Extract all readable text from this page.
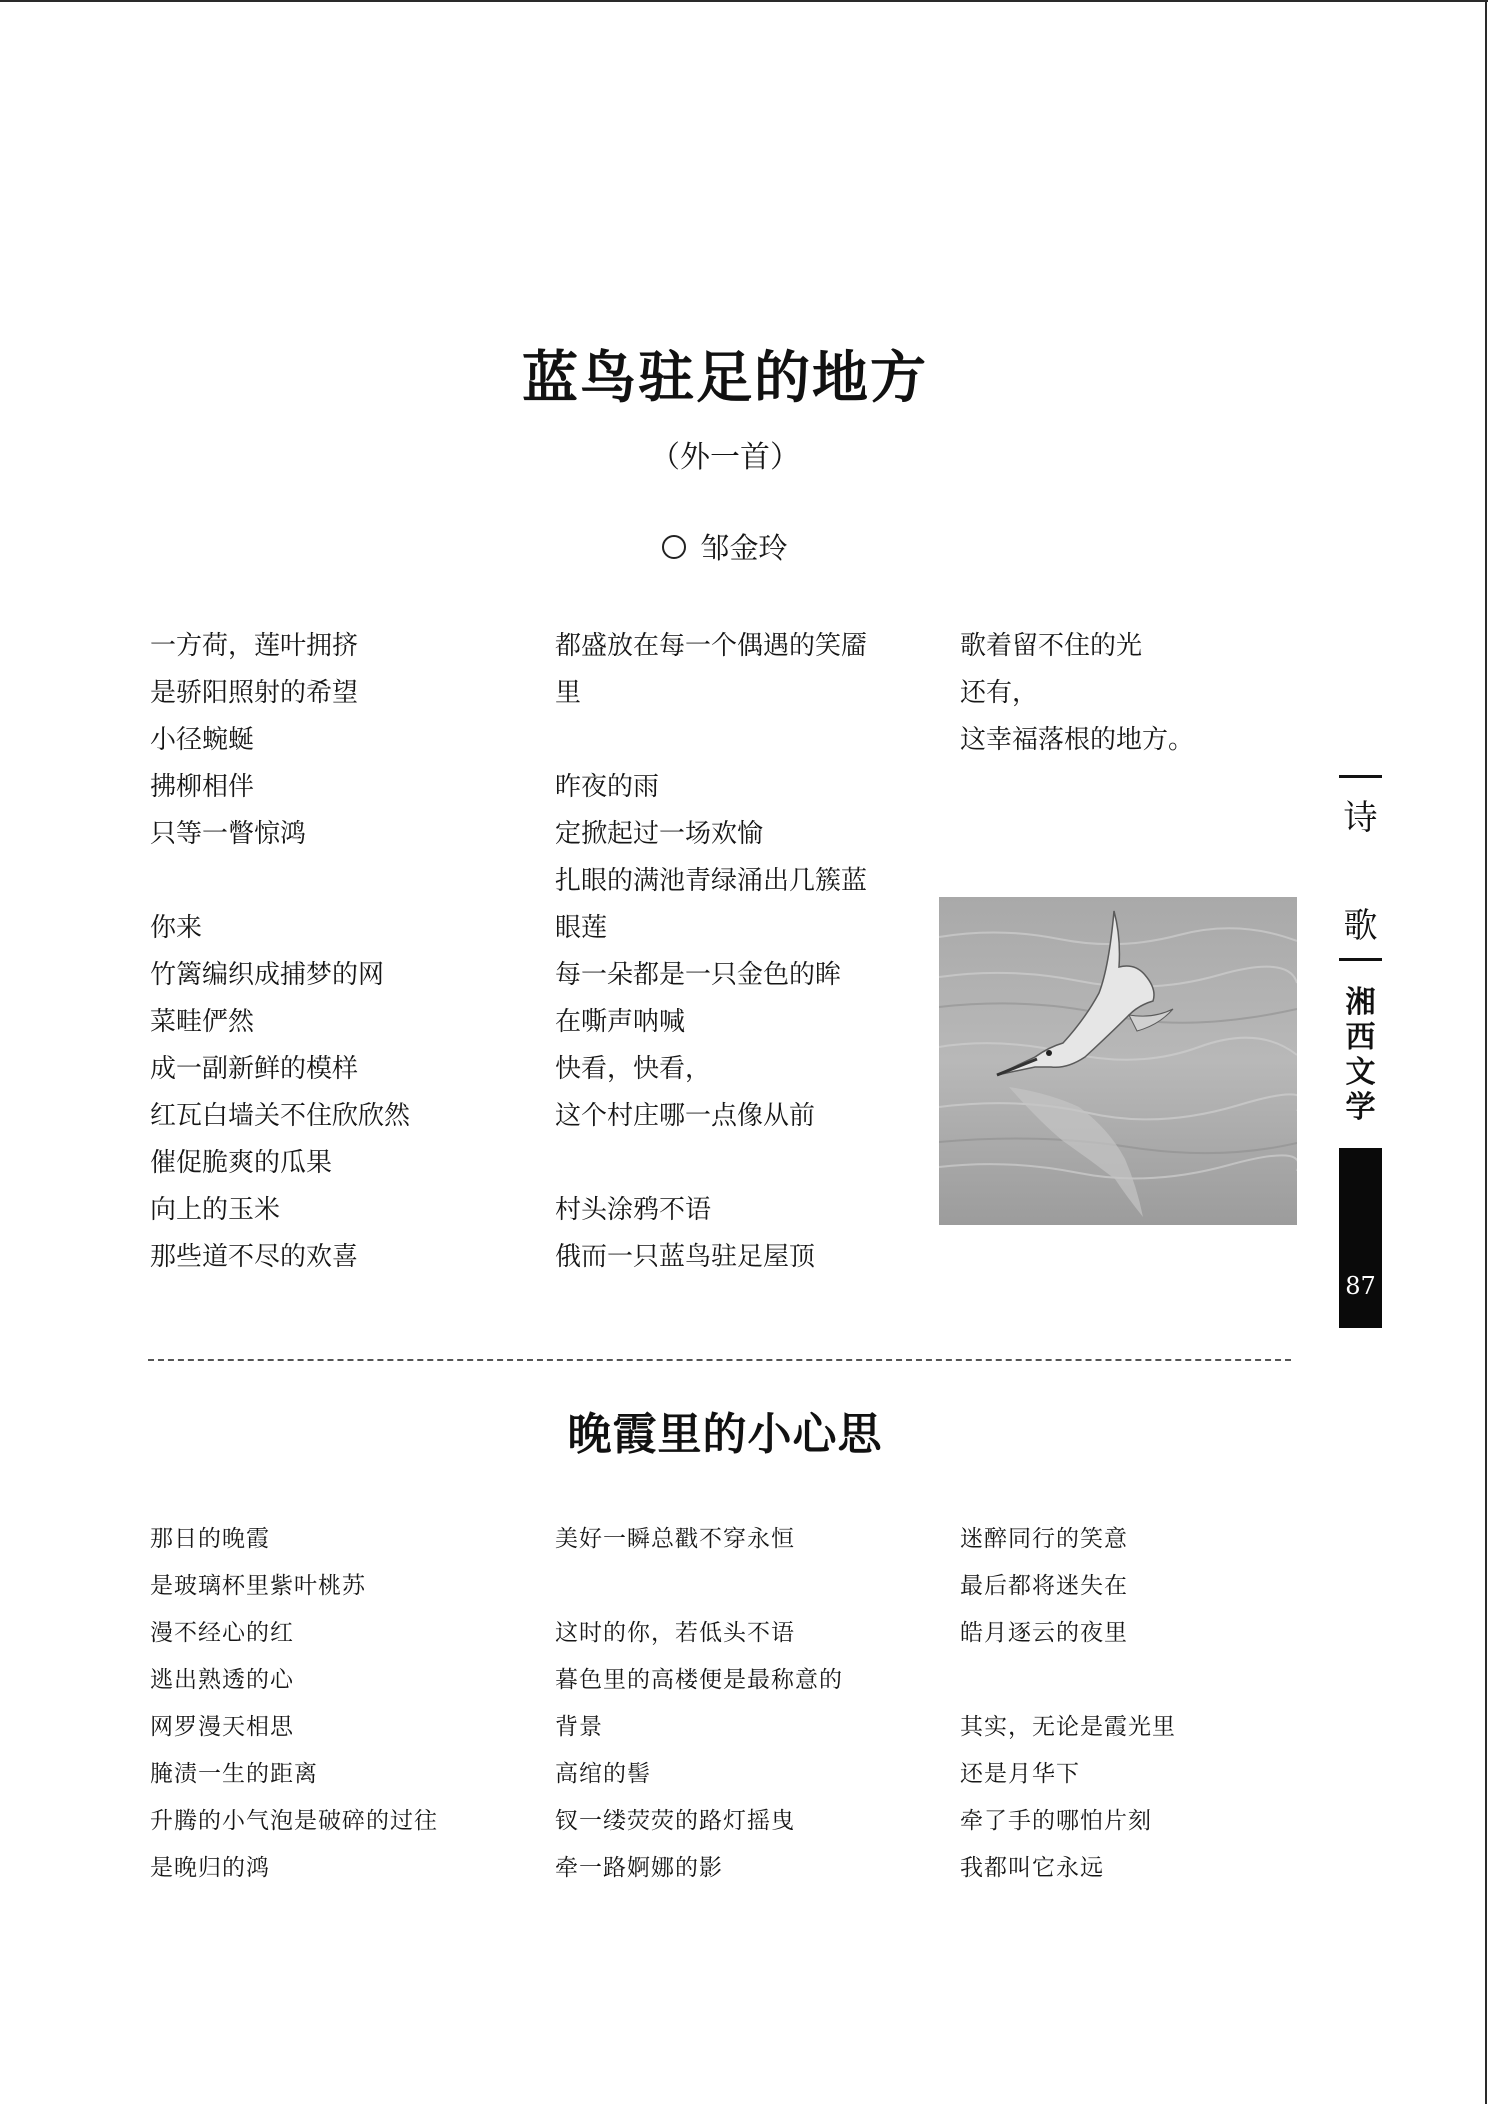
蓝鸟驻足的地方
（外一首）
邹金玲
一方荷，莲叶拥挤
是骄阳照射的希望
小径蜿蜒
拂柳相伴
只等一瞥惊鸿
你来
竹篱编织成捕梦的网
菜畦俨然
成一副新鲜的模样
红瓦白墙关不住欣欣然
催促脆爽的瓜果
向上的玉米
那些道不尽的欢喜
都盛放在每一个偶遇的笑靥
里
昨夜的雨
定掀起过一场欢愉
扎眼的满池青绿涌出几簇蓝
眼莲
每一朵都是一只金色的眸
在嘶声呐喊
快看，快看，
这个村庄哪一点像从前
村头涂鸦不语
俄而一只蓝鸟驻足屋顶
歌着留不住的光
还有，
这幸福落根的地方。
诗
歌
湘西文学
87
晚霞里的小心思
那日的晚霞
是玻璃杯里紫叶桃苏
漫不经心的红
逃出熟透的心
网罗漫天相思
腌渍一生的距离
升腾的小气泡是破碎的过往
是晚归的鸿
美好一瞬总戳不穿永恒
这时的你，若低头不语
暮色里的高楼便是最称意的
背景
高绾的髻
钗一缕荧荧的路灯摇曳
牵一路婀娜的影
迷醉同行的笑意
最后都将迷失在
皓月逐云的夜里
其实，无论是霞光里
还是月华下
牵了手的哪怕片刻
我都叫它永远
